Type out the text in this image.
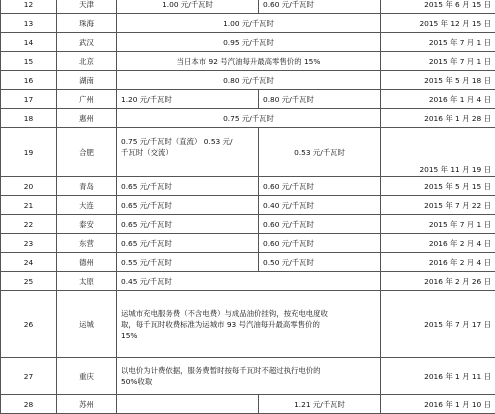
12	天津	1.00 元/千瓦时	0.60 元/千瓦时	2015 年 6 月 15 日
13	珠海	1.00 元/千瓦时		2015 年 12 月 15 日
14	武汉	0.95 元/千瓦时		2015 年 7 月 1 日
15	北京	当日本市 92 号汽油每升最高零售价的 15%		2015 年 7 月 1 日
16	湖南	0.80 元/千瓦时		2015 年 5 月 18 日
17	广州	1.20 元/千瓦时	0.80 元/千瓦时	2016 年 1 月 4 日
18	惠州	0.75 元/千瓦时		2016 年 1 月 28 日
19	合肥	0.75 元/千瓦时（直流） 0.53 元/
千瓦时（交流）	0.53 元/千瓦时	2015 年 11 月 19 日
20	青岛	0.65 元/千瓦时	0.60 元/千瓦时	2015 年 5 月 15 日
21	大连	0.65 元/千瓦时	0.40 元/千瓦时	2015 年 7 月 22 日
22	泰安	0.65 元/千瓦时	0.60 元/千瓦时	2015 年 7 月 1 日
23	东营	0.65 元/千瓦时	0.60 元/千瓦时	2016 年 2 月 4 日
24	德州	0.55 元/千瓦时	0.50 元/千瓦时	2016 年 2 月 4 日
25	太原	0.45 元/千瓦时		2016 年 2 月 26 日
26	运城	运城市充电服务费（不含电费）与成品油价挂钩，按充电电度收
取，每千瓦时收费标准为运城市 93 号汽油每升最高零售价的
15%		2015 年 7 月 17 日
27	重庆	以电价为计费依据，服务费暂时按每千瓦时不超过执行电价的
50%收取		2016 年 1 月 11 日
28	苏州		1.21 元/千瓦时	2016 年 1 月 10 日
